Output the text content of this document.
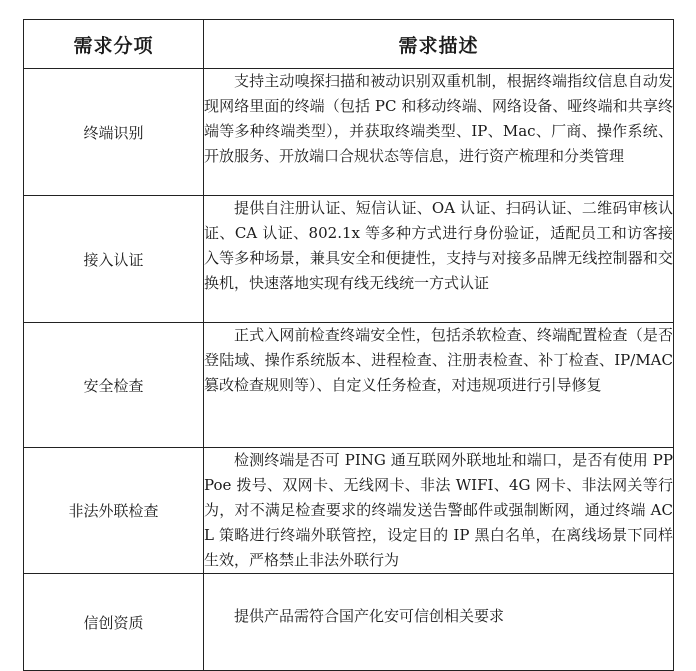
需求分项	需求描述
终端识别	支持主动嗅探扫描和被动识别双重机制，根据终端指纹信息自动发现网络里面的终端（包括 PC 和移动终端、网络设备、哑终端和共享终端等多种终端类型），并获取终端类型、IP、Mac、厂商、操作系统、开放服务、开放端口合规状态等信息，进行资产梳理和分类管理
接入认证	提供自注册认证、短信认证、OA 认证、扫码认证、二维码审核认证、CA 认证、802.1x 等多种方式进行身份验证，适配员工和访客接入等多种场景，兼具安全和便捷性，支持与对接多品牌无线控制器和交换机，快速落地实现有线无线统一方式认证
安全检查	正式入网前检查终端安全性，包括杀软检查、终端配置检查（是否登陆域、操作系统版本、进程检查、注册表检查、补丁检查、IP/MAC 篡改检查规则等）、自定义任务检查，对违规项进行引导修复
非法外联检查	检测终端是否可 PING 通互联网外联地址和端口，是否有使用 PPPoe 拨号、双网卡、无线网卡、非法 WIFI、4G 网卡、非法网关等行为，对不满足检查要求的终端发送告警邮件或强制断网，通过终端 ACL 策略进行终端外联管控，设定目的 IP 黑白名单，在离线场景下同样生效，严格禁止非法外联行为
信创资质	提供产品需符合国产化安可信创相关要求
